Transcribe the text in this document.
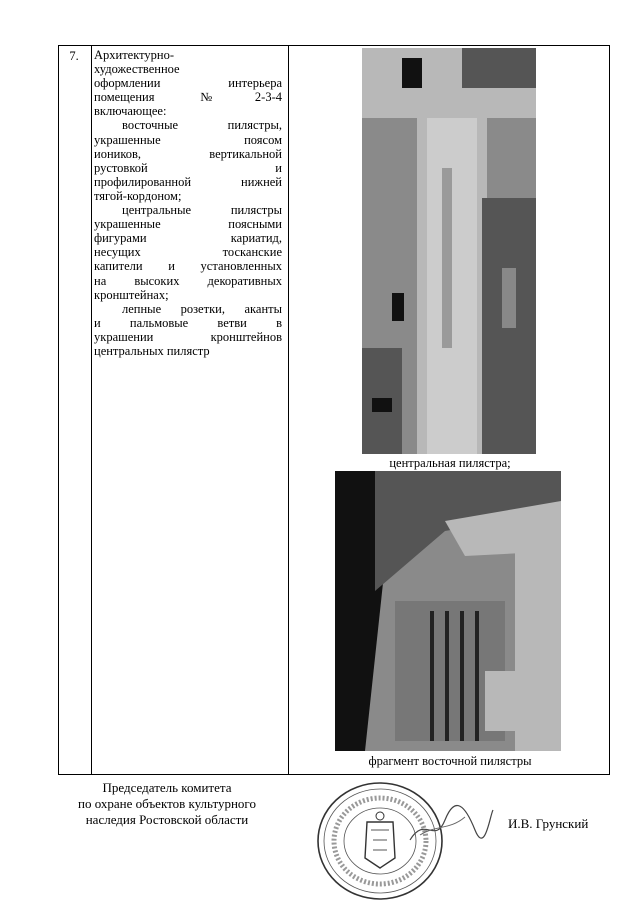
7.	Архитектурно-
художественное
оформлении интерьера
помещения №2-3-4
включающее:
восточные пилястры,
украшенные поясом
иоников, вертикальной
рустовкой и
профилированной нижней
тягой-кордоном;
центральные пилястры
украшенные поясными
фигурами кариатид,
несущих тосканские
капители и установленных
на высоких декоративных
кронштейнах;
лепные розетки, аканты
и пальмовые ветви в
украшении кронштейнов
центральных пилястр
центральная пилястра;
фрагмент восточной пилястры
Председатель комитета
по охране объектов культурного
наследия Ростовской области	И.В. Грунский
